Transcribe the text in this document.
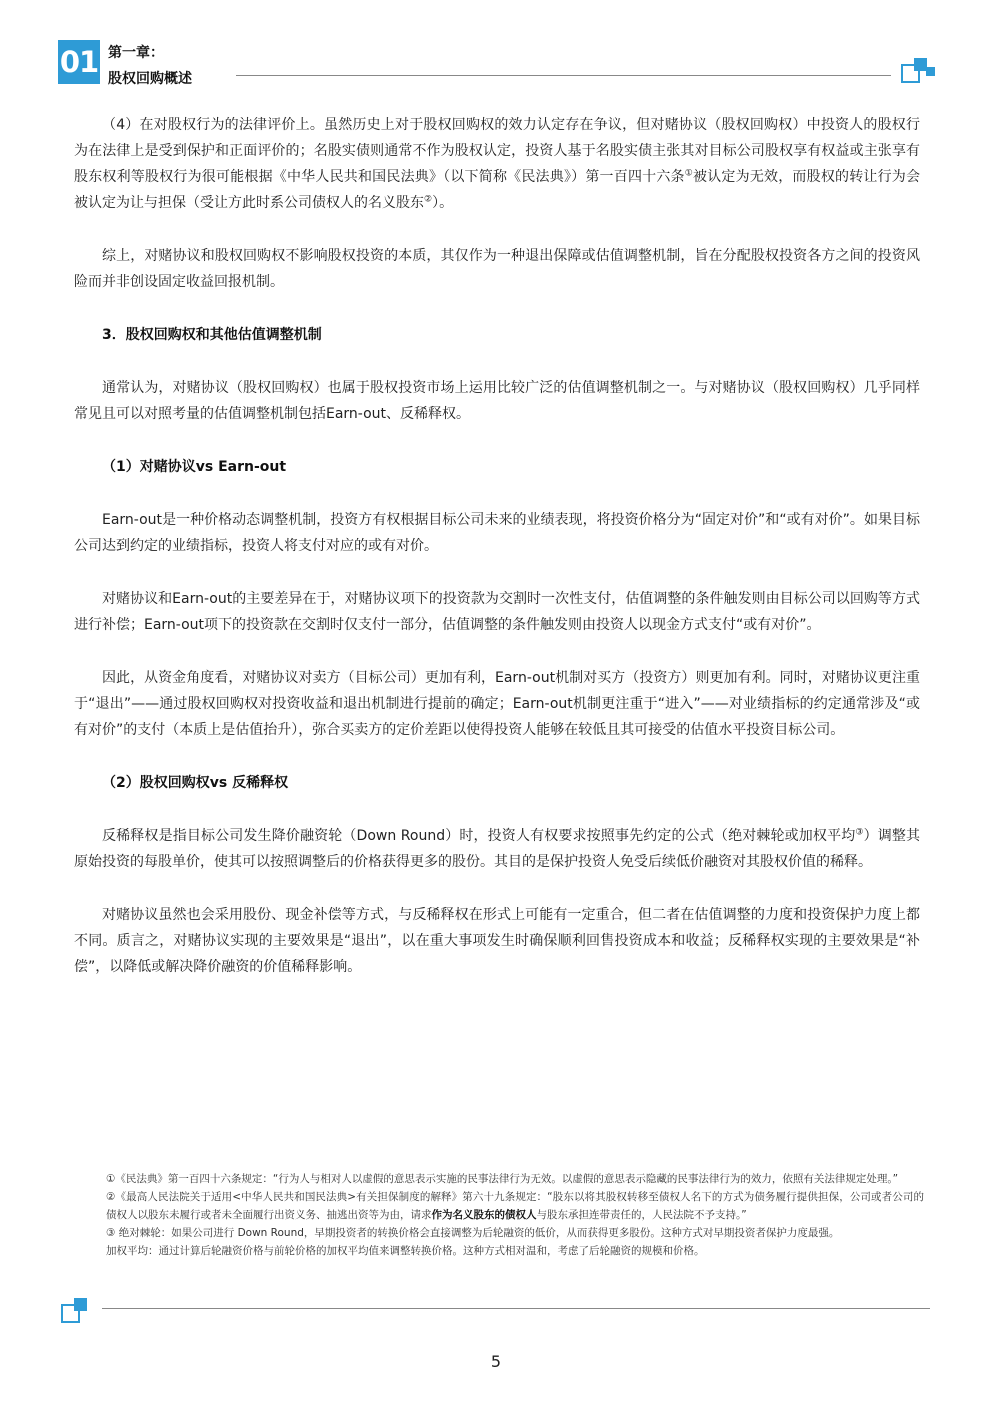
01 第一章：
股权回购概述

（4）在对股权行为的法律评价上。虽然历史上对于股权回购权的效力认定存在争议，但对赌协议（股权回购权）中投资人的股权行为在法律上是受到保护和正面评价的；名股实债则通常不作为股权认定，投资人基于名股实债主张其对目标公司股权享有权益或主张享有股东权利等股权行为很可能根据《中华人民共和国民法典》（以下简称《民法典》）第一百四十六条①被认定为无效，而股权的转让行为会被认定为让与担保（受让方此时系公司债权人的名义股东②）。

综上，对赌协议和股权回购权不影响股权投资的本质，其仅作为一种退出保障或估值调整机制，旨在分配股权投资各方之间的投资风险而并非创设固定收益回报机制。

3．股权回购权和其他估值调整机制

通常认为，对赌协议（股权回购权）也属于股权投资市场上运用比较广泛的估值调整机制之一。与对赌协议（股权回购权）几乎同样常见且可以对照考量的估值调整机制包括Earn-out、反稀释权。

（1）对赌协议vs Earn-out

Earn-out是一种价格动态调整机制，投资方有权根据目标公司未来的业绩表现，将投资价格分为“固定对价”和“或有对价”。如果目标公司达到约定的业绩指标，投资人将支付对应的或有对价。

对赌协议和Earn-out的主要差异在于，对赌协议项下的投资款为交割时一次性支付，估值调整的条件触发则由目标公司以回购等方式进行补偿；Earn-out项下的投资款在交割时仅支付一部分，估值调整的条件触发则由投资人以现金方式支付“或有对价”。

因此，从资金角度看，对赌协议对卖方（目标公司）更加有利，Earn-out机制对买方（投资方）则更加有利。同时，对赌协议更注重于“退出”——通过股权回购权对投资收益和退出机制进行提前的确定；Earn-out机制更注重于“进入”——对业绩指标的约定通常涉及“或有对价”的支付（本质上是估值抬升），弥合买卖方的定价差距以使得投资人能够在较低且其可接受的估值水平投资目标公司。

（2）股权回购权vs 反稀释权

反稀释权是指目标公司发生降价融资轮（Down Round）时，投资人有权要求按照事先约定的公式（绝对棘轮或加权平均③）调整其原始投资的每股单价，使其可以按照调整后的价格获得更多的股份。其目的是保护投资人免受后续低价融资对其股权价值的稀释。

对赌协议虽然也会采用股份、现金补偿等方式，与反稀释权在形式上可能有一定重合，但二者在估值调整的力度和投资保护力度上都不同。质言之，对赌协议实现的主要效果是“退出”，以在重大事项发生时确保顺利回售投资成本和收益；反稀释权实现的主要效果是“补偿”，以降低或解决降价融资的价值稀释影响。

①《民法典》第一百四十六条规定：“行为人与相对人以虚假的意思表示实施的民事法律行为无效。以虚假的意思表示隐藏的民事法律行为的效力，依照有关法律规定处理。”

②《最高人民法院关于适用<中华人民共和国民法典>有关担保制度的解释》第六十九条规定：“股东以将其股权转移至债权人名下的方式为债务履行提供担保，公司或者公司的债权人以股东未履行或者未全面履行出资义务、抽逃出资等为由，请求作为名义股东的债权人与股东承担连带责任的，人民法院不予支持。”

③ 绝对棘轮：如果公司进行 Down Round，早期投资者的转换价格会直接调整为后轮融资的低价，从而获得更多股份。这种方式对早期投资者保护力度最强。

加权平均：通过计算后轮融资价格与前轮价格的加权平均值来调整转换价格。这种方式相对温和，考虑了后轮融资的规模和价格。

5
